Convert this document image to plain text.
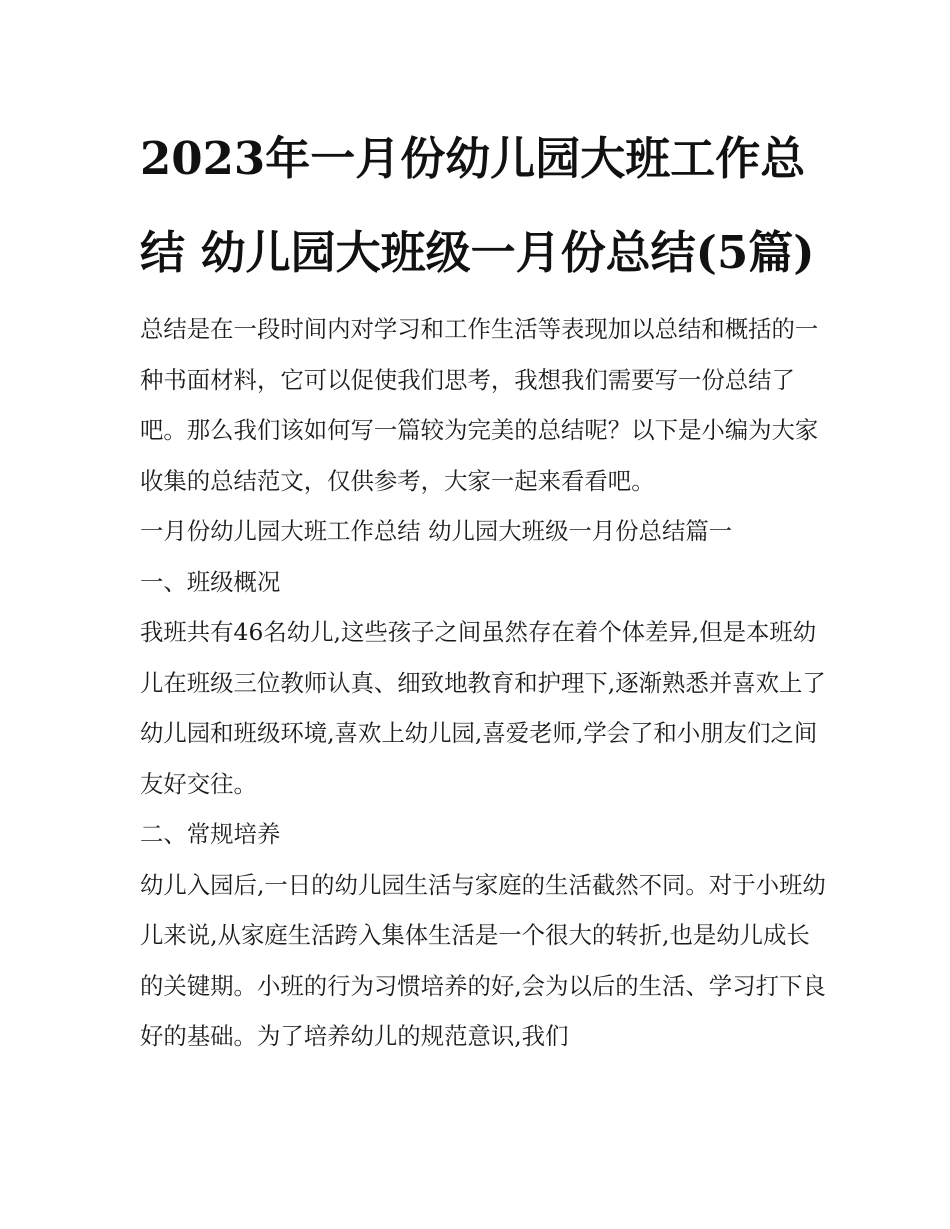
2023年一月份幼儿园大班工作总结 幼儿园大班级一月份总结(5篇)

总结是在一段时间内对学习和工作生活等表现加以总结和概括的一种书面材料，它可以促使我们思考，我想我们需要写一份总结了吧。那么我们该如何写一篇较为完美的总结呢？以下是小编为大家收集的总结范文，仅供参考，大家一起来看看吧。

一月份幼儿园大班工作总结 幼儿园大班级一月份总结篇一

一、班级概况

我班共有46名幼儿,这些孩子之间虽然存在着个体差异,但是本班幼儿在班级三位教师认真、细致地教育和护理下,逐渐熟悉并喜欢上了幼儿园和班级环境,喜欢上幼儿园,喜爱老师,学会了和小朋友们之间友好交往。

二、常规培养

幼儿入园后,一日的幼儿园生活与家庭的生活截然不同。对于小班幼儿来说,从家庭生活跨入集体生活是一个很大的转折,也是幼儿成长的关键期。小班的行为习惯培养的好,会为以后的生活、学习打下良好的基础。为了培养幼儿的规范意识,我们
